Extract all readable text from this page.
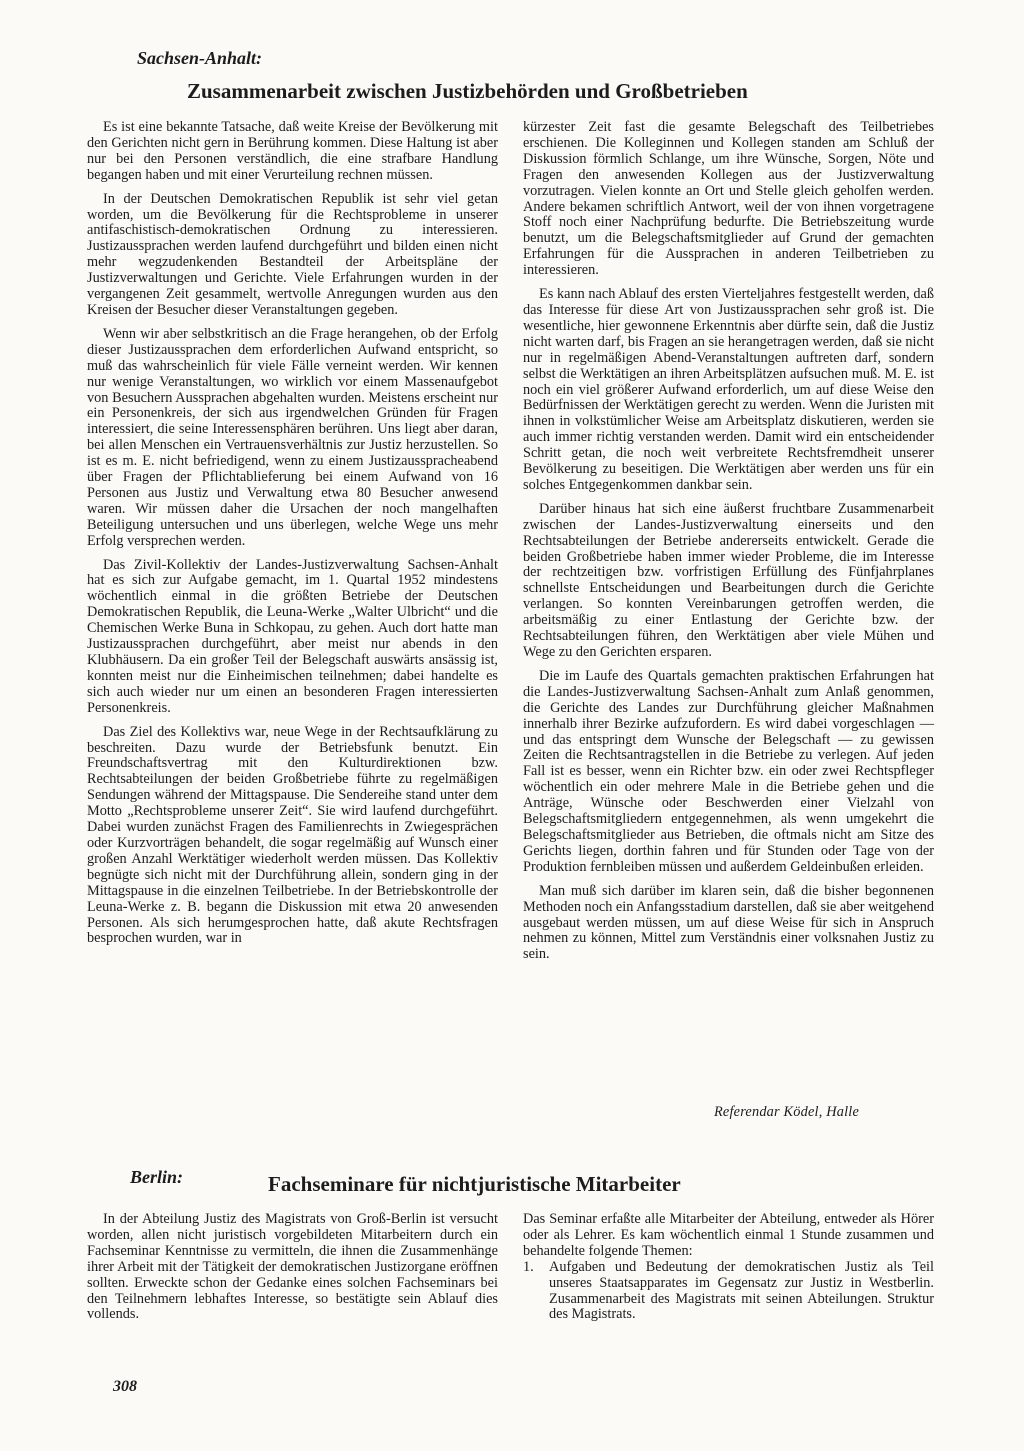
Sachsen-Anhalt:
Zusammenarbeit zwischen Justizbehörden und Großbetrieben

Es ist eine bekannte Tatsache, daß weite Kreise der Bevölkerung mit den Gerichten nicht gern in Berührung kommen. Diese Haltung ist aber nur bei den Personen verständlich, die eine strafbare Handlung begangen haben und mit einer Verurteilung rechnen müssen.

In der Deutschen Demokratischen Republik ist sehr viel getan worden, um die Bevölkerung für die Rechtsprobleme in unserer antifaschistisch-demokratischen Ordnung zu interessieren. Justizaussprachen werden laufend durchgeführt und bilden einen nicht mehr wegzudenkenden Bestandteil der Arbeitspläne der Justizverwaltungen und Gerichte. Viele Erfahrungen wurden in der vergangenen Zeit gesammelt, wertvolle Anregungen wurden aus den Kreisen der Besucher dieser Veranstaltungen gegeben.

Wenn wir aber selbstkritisch an die Frage herangehen, ob der Erfolg dieser Justizaussprachen dem erforderlichen Aufwand entspricht, so muß das wahrscheinlich für viele Fälle verneint werden. Wir kennen nur wenige Veranstaltungen, wo wirklich vor einem Massenaufgebot von Besuchern Aussprachen abgehalten wurden. Meistens erscheint nur ein Personenkreis, der sich aus irgendwelchen Gründen für Fragen interessiert, die seine Interessensphären berühren. Uns liegt aber daran, bei allen Menschen ein Vertrauensverhältnis zur Justiz herzustellen. So ist es m. E. nicht befriedigend, wenn zu einem Justizausspracheabend über Fragen der Pflichtablieferung bei einem Aufwand von 16 Personen aus Justiz und Verwaltung etwa 80 Besucher anwesend waren. Wir müssen daher die Ursachen der noch mangelhaften Beteiligung untersuchen und uns überlegen, welche Wege uns mehr Erfolg versprechen werden.

Das Zivil-Kollektiv der Landes-Justizverwaltung Sachsen-Anhalt hat es sich zur Aufgabe gemacht, im 1. Quartal 1952 mindestens wöchentlich einmal in die größten Betriebe der Deutschen Demokratischen Republik, die Leuna-Werke „Walter Ulbricht“ und die Chemischen Werke Buna in Schkopau, zu gehen. Auch dort hatte man Justizaussprachen durchgeführt, aber meist nur abends in den Klubhäusern. Da ein großer Teil der Belegschaft auswärts ansässig ist, konnten meist nur die Einheimischen teilnehmen; dabei handelte es sich auch wieder nur um einen an besonderen Fragen interessierten Personenkreis.

Das Ziel des Kollektivs war, neue Wege in der Rechtsaufklärung zu beschreiten. Dazu wurde der Betriebsfunk benutzt. Ein Freundschaftsvertrag mit den Kulturdirektionen bzw. Rechtsabteilungen der beiden Großbetriebe führte zu regelmäßigen Sendungen während der Mittagspause. Die Sendereihe stand unter dem Motto „Rechtsprobleme unserer Zeit“. Sie wird laufend durchgeführt. Dabei wurden zunächst Fragen des Familienrechts in Zwiegesprächen oder Kurzvorträgen behandelt, die sogar regelmäßig auf Wunsch einer großen Anzahl Werktätiger wiederholt werden müssen. Das Kollektiv begnügte sich nicht mit der Durchführung allein, sondern ging in der Mittagspause in die einzelnen Teilbetriebe. In der Betriebskontrolle der Leuna-Werke z. B. begann die Diskussion mit etwa 20 anwesenden Personen. Als sich herumgesprochen hatte, daß akute Rechtsfragen besprochen wurden, war in

kürzester Zeit fast die gesamte Belegschaft des Teilbetriebes erschienen. Die Kolleginnen und Kollegen standen am Schluß der Diskussion förmlich Schlange, um ihre Wünsche, Sorgen, Nöte und Fragen den anwesenden Kollegen aus der Justizverwaltung vorzutragen. Vielen konnte an Ort und Stelle gleich geholfen werden. Andere bekamen schriftlich Antwort, weil der von ihnen vorgetragene Stoff noch einer Nachprüfung bedurfte. Die Betriebszeitung wurde benutzt, um die Belegschaftsmitglieder auf Grund der gemachten Erfahrungen für die Aussprachen in anderen Teilbetrieben zu interessieren.

Es kann nach Ablauf des ersten Vierteljahres festgestellt werden, daß das Interesse für diese Art von Justizaussprachen sehr groß ist. Die wesentliche, hier gewonnene Erkenntnis aber dürfte sein, daß die Justiz nicht warten darf, bis Fragen an sie herangetragen werden, daß sie nicht nur in regelmäßigen Abend-Veranstaltungen auftreten darf, sondern selbst die Werktätigen an ihren Arbeitsplätzen aufsuchen muß. M. E. ist noch ein viel größerer Aufwand erforderlich, um auf diese Weise den Bedürfnissen der Werktätigen gerecht zu werden. Wenn die Juristen mit ihnen in volkstümlicher Weise am Arbeitsplatz diskutieren, werden sie auch immer richtig verstanden werden. Damit wird ein entscheidender Schritt getan, die noch weit verbreitete Rechtsfremdheit unserer Bevölkerung zu beseitigen. Die Werktätigen aber werden uns für ein solches Entgegenkommen dankbar sein.

Darüber hinaus hat sich eine äußerst fruchtbare Zusammenarbeit zwischen der Landes-Justizverwaltung einerseits und den Rechtsabteilungen der Betriebe andererseits entwickelt. Gerade die beiden Großbetriebe haben immer wieder Probleme, die im Interesse der rechtzeitigen bzw. vorfristigen Erfüllung des Fünfjahrplanes schnellste Entscheidungen und Bearbeitungen durch die Gerichte verlangen. So konnten Vereinbarungen getroffen werden, die arbeitsmäßig zu einer Entlastung der Gerichte bzw. der Rechtsabteilungen führen, den Werktätigen aber viele Mühen und Wege zu den Gerichten ersparen.

Die im Laufe des Quartals gemachten praktischen Erfahrungen hat die Landes-Justizverwaltung Sachsen-Anhalt zum Anlaß genommen, die Gerichte des Landes zur Durchführung gleicher Maßnahmen innerhalb ihrer Bezirke aufzufordern. Es wird dabei vorgeschlagen — und das entspringt dem Wunsche der Belegschaft — zu gewissen Zeiten die Rechtsantragstellen in die Betriebe zu verlegen. Auf jeden Fall ist es besser, wenn ein Richter bzw. ein oder zwei Rechtspfleger wöchentlich ein oder mehrere Male in die Betriebe gehen und die Anträge, Wünsche oder Beschwerden einer Vielzahl von Belegschaftsmitgliedern entgegennehmen, als wenn umgekehrt die Belegschaftsmitglieder aus Betrieben, die oftmals nicht am Sitze des Gerichts liegen, dorthin fahren und für Stunden oder Tage von der Produktion fernbleiben müssen und außerdem Geldeinbußen erleiden.

Man muß sich darüber im klaren sein, daß die bisher begonnenen Methoden noch ein Anfangsstadium darstellen, daß sie aber weitgehend ausgebaut werden müssen, um auf diese Weise für sich in Anspruch nehmen zu können, Mittel zum Verständnis einer volksnahen Justiz zu sein.

Referendar Ködel, Halle
Berlin:	Fachseminare für nichtjuristische Mitarbeiter

In der Abteilung Justiz des Magistrats von Groß-Berlin ist versucht worden, allen nicht juristisch vorgebildeten Mitarbeitern durch ein Fachseminar Kenntnisse zu vermitteln, die ihnen die Zusammenhänge ihrer Arbeit mit der Tätigkeit der demokratischen Justizorgane eröffnen sollten. Erweckte schon der Gedanke eines solchen Fachseminars bei den Teilnehmern lebhaftes Interesse, so bestätigte sein Ablauf dies vollends.

Das Seminar erfaßte alle Mitarbeiter der Abteilung, entweder als Hörer oder als Lehrer. Es kam wöchentlich einmal 1 Stunde zusammen und behandelte folgende Themen:

1.	Aufgaben und Bedeutung der demokratischen Justiz als Teil unseres Staatsapparates im Gegensatz zur Justiz in Westberlin. Zusammenarbeit des Magistrats mit seinen Abteilungen. Struktur des Magistrats.
308
